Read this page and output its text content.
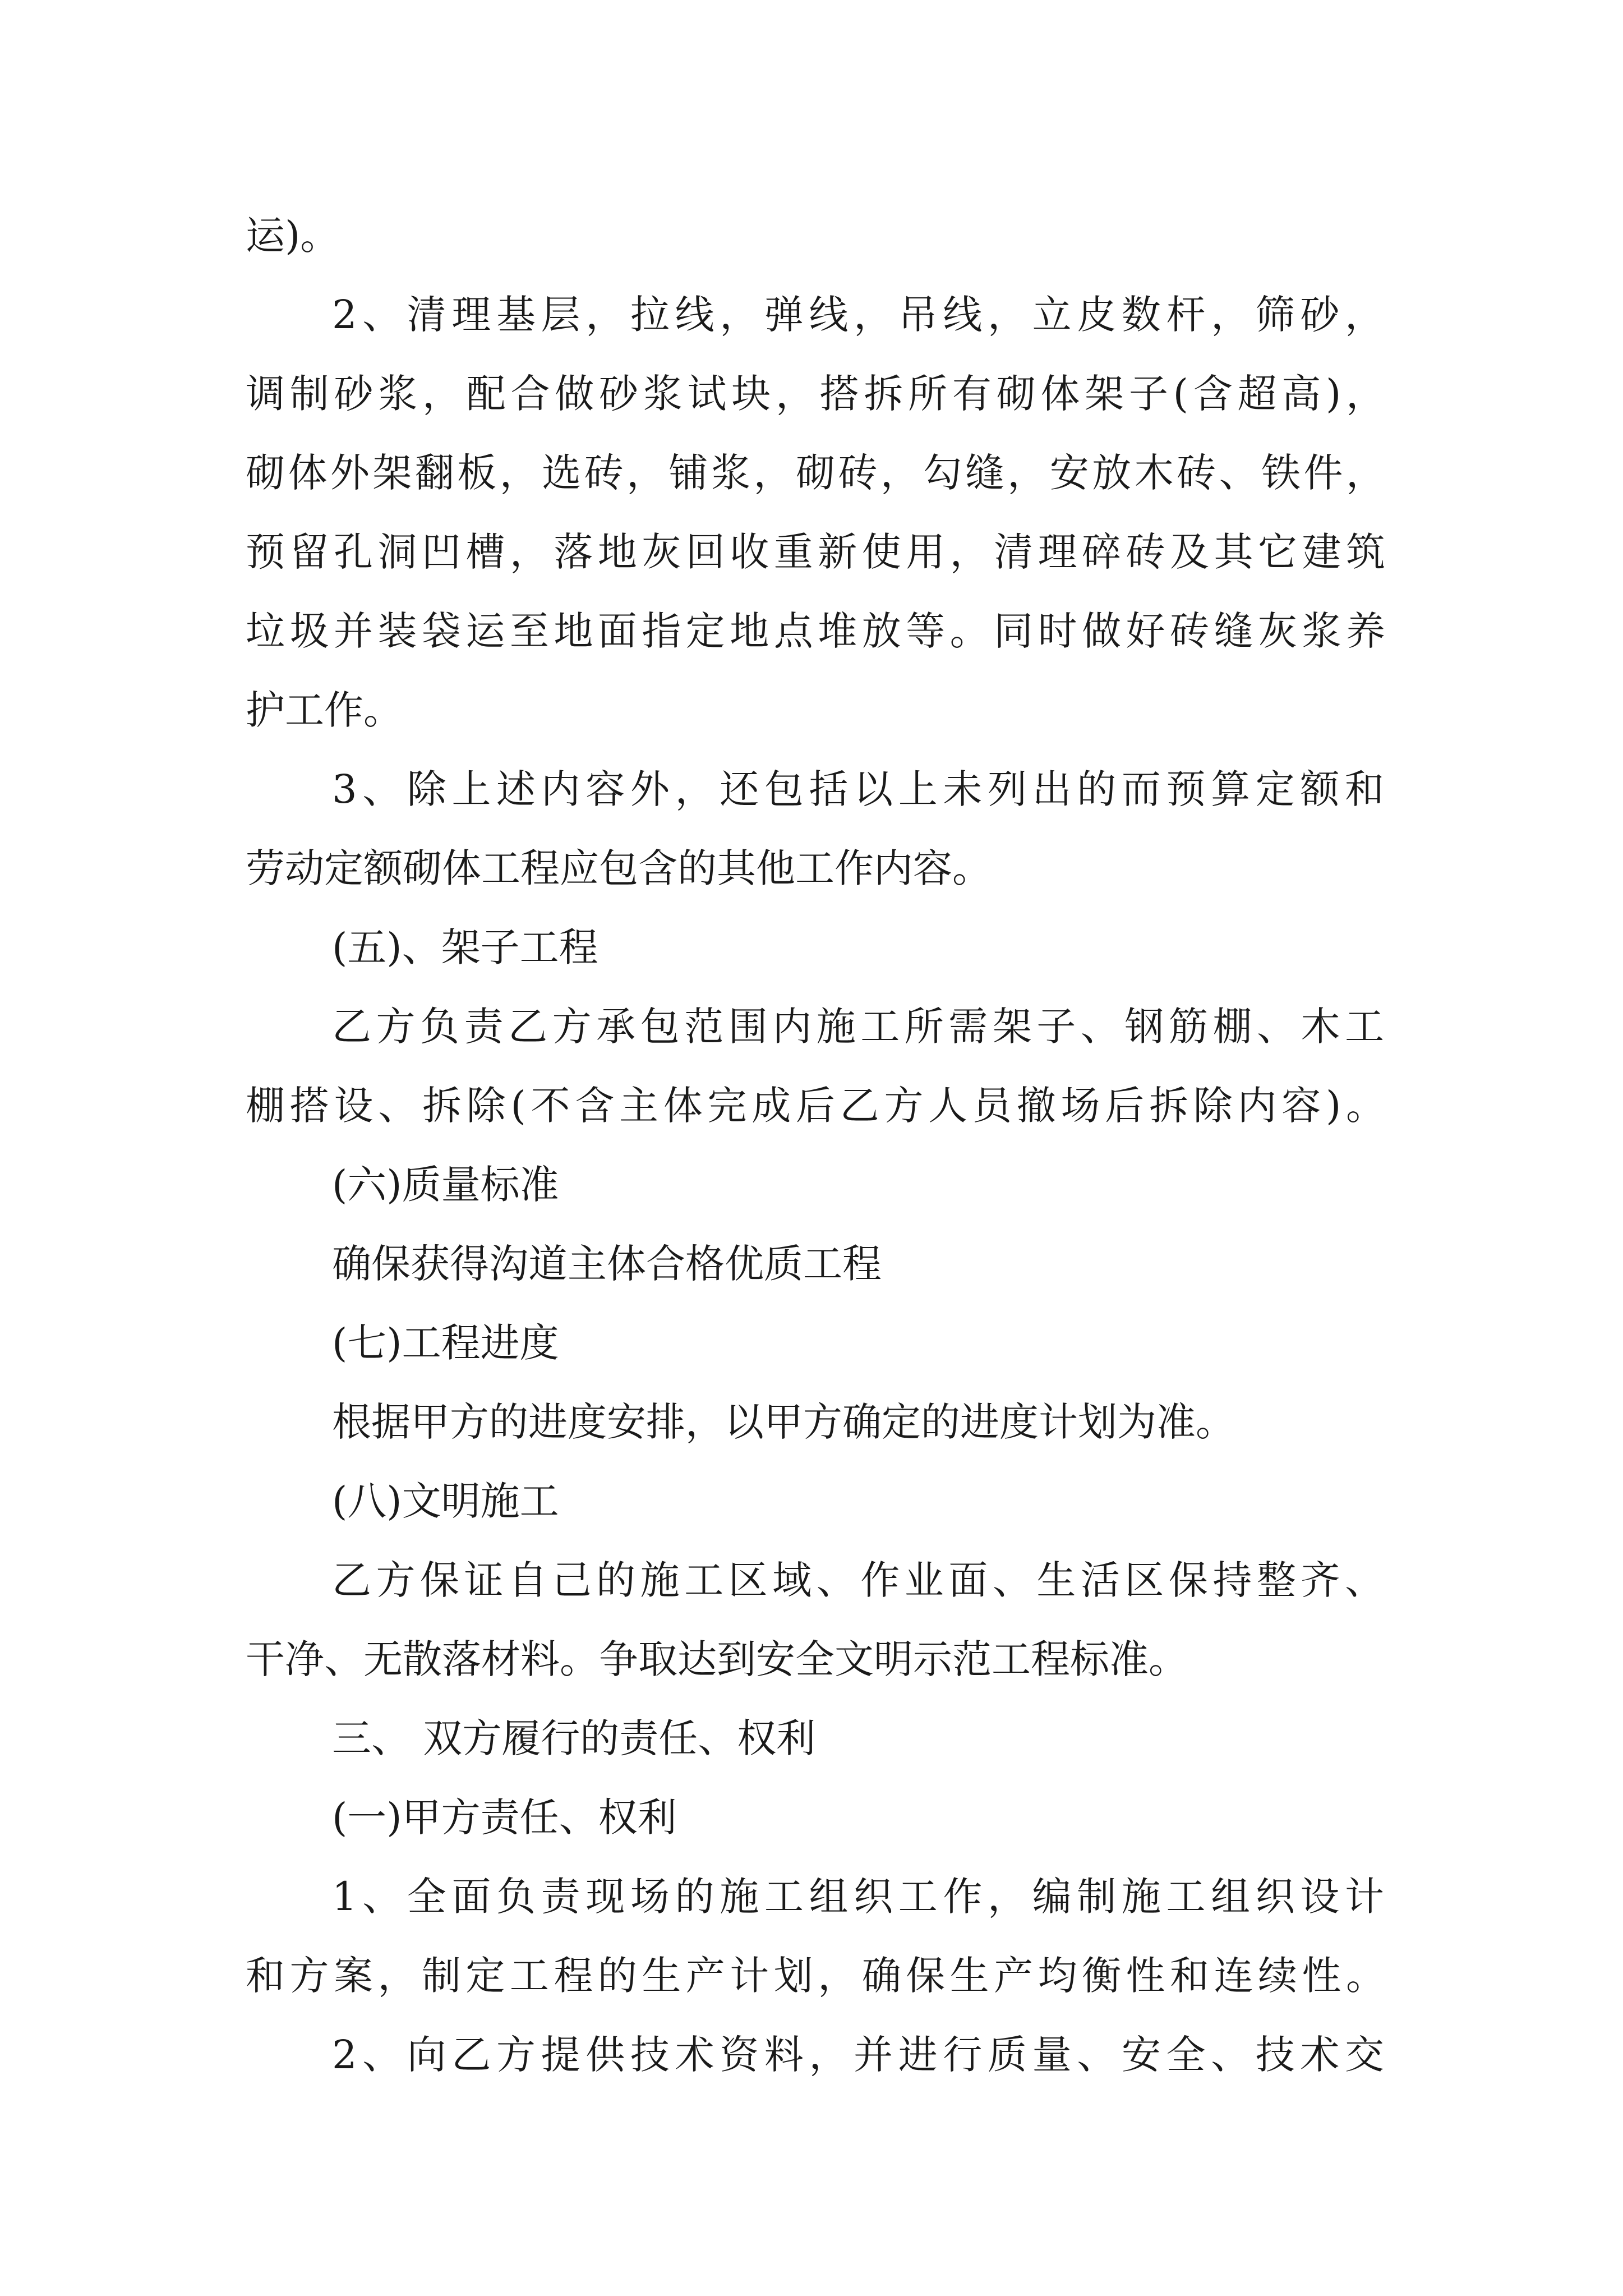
运)。

2、清理基层，拉线，弹线，吊线，立皮数杆，筛砂，

调制砂浆，配合做砂浆试块，搭拆所有砌体架子(含超高)，

砌体外架翻板，选砖，铺浆，砌砖，勾缝，安放木砖、铁件，

预留孔洞凹槽，落地灰回收重新使用，清理碎砖及其它建筑

垃圾并装袋运至地面指定地点堆放等。同时做好砖缝灰浆养

护工作。

3、除上述内容外，还包括以上未列出的而预算定额和

劳动定额砌体工程应包含的其他工作内容。

(五)、架子工程

乙方负责乙方承包范围内施工所需架子、钢筋棚、木工

棚搭设、拆除(不含主体完成后乙方人员撤场后拆除内容)。

(六)质量标准

确保获得沟道主体合格优质工程

(七)工程进度

根据甲方的进度安排，以甲方确定的进度计划为准。

(八)文明施工

乙方保证自己的施工区域、作业面、生活区保持整齐、

干净、无散落材料。争取达到安全文明示范工程标准。

三、 双方履行的责任、权利

(一)甲方责任、权利

1、全面负责现场的施工组织工作，编制施工组织设计

和方案，制定工程的生产计划，确保生产均衡性和连续性。

2、向乙方提供技术资料，并进行质量、安全、技术交
